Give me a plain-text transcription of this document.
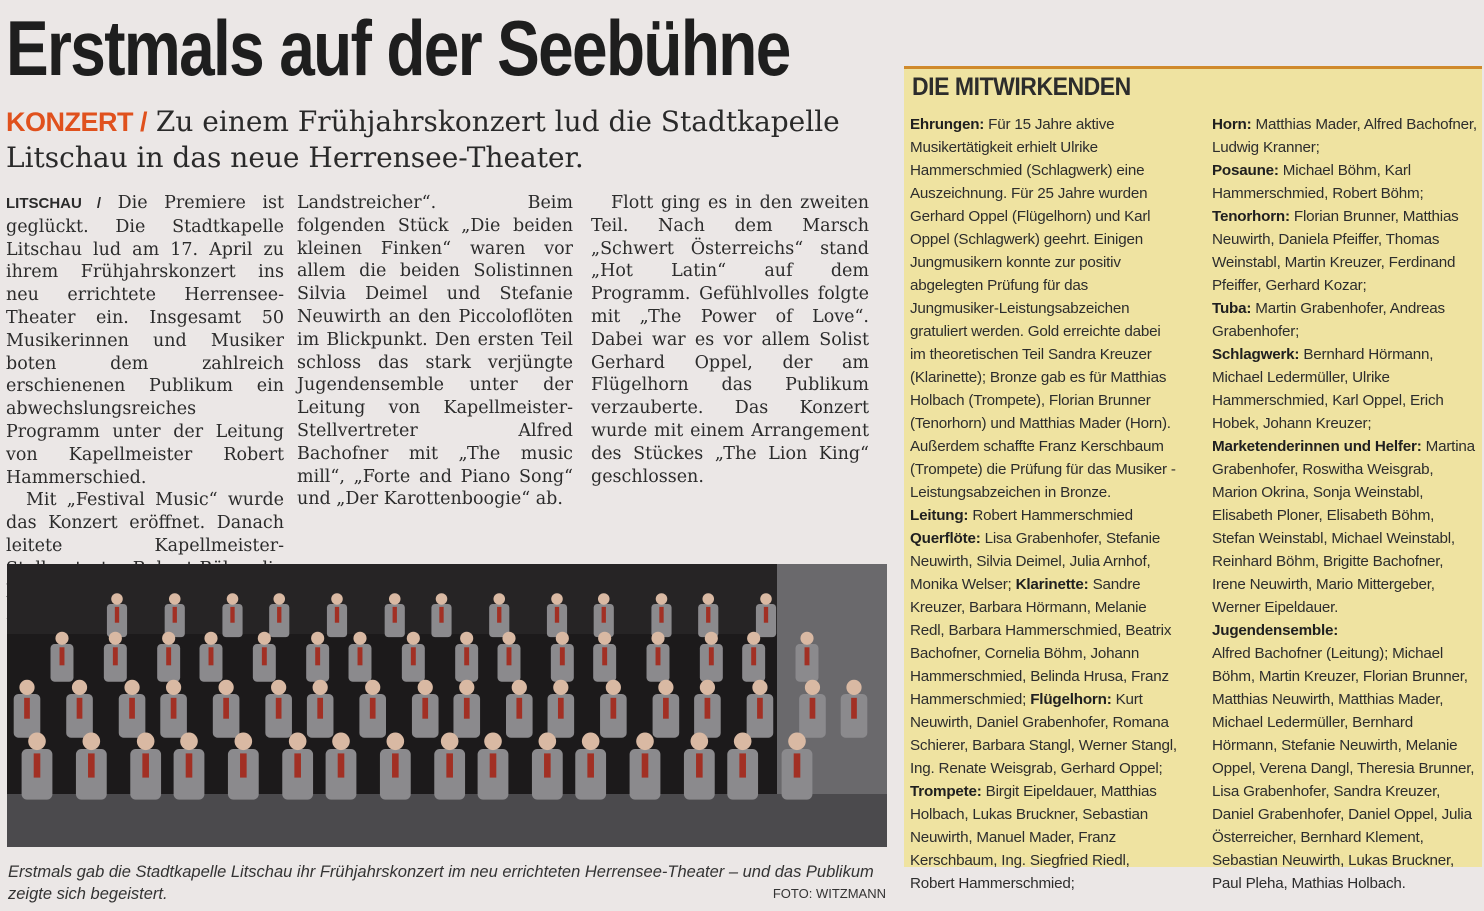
Erstmals auf der Seebühne
KONZERT / Zu einem Frühjahrskonzert lud die Stadtkapelle Litschau in das neue Herrensee-Theater.

LITSCHAU / Die Premiere ist geglückt. Die Stadtkapelle Litschau lud am 17. April zu ihrem Frühjahrskonzert ins neu errichtete Herrensee-Theater ein. Insgesamt 50 Musikerinnen und Musiker boten dem zahlreich erschienenen Publikum ein abwechslungsreiches Programm unter der Leitung von Kapellmeister Robert Hammerschied.

Mit „Festival Music“ wurde das Konzert eröffnet. Danach leitete Kapellmeister-

Landstreicher“. Beim folgenden Stück „Die beiden kleinen Finken“ waren vor allem die beiden Solistinnen Silvia Deimel und Stefanie Neuwirth an den Piccoloflöten im Blickpunkt. Den ersten Teil schloss das stark verjüngte Jugendensemble unter der Leitung von Kapellmeister-Stellvertreter Alfred Bachofner mit „The music mill“, „Forte and Piano Song“ und „Der Karottenboogie“ ab.

Flott ging es in den zweiten Teil. Nach dem Marsch „Schwert Österreichs“ stand „Hot Latin“ auf dem Programm. Gefühlvolles folgte mit „The Power of Love“. Dabei war es vor allem Solist Gerhard Oppel, der am Flügelhorn das Publikum verzauberte. Das Konzert wurde mit einem Arrangement des Stückes „The Lion King“ geschlossen.

Erstmals gab die Stadtkapelle Litschau ihr Frühjahrskonzert im neu errichteten Herrensee-Theater – und das Publikum zeigte sich begeistert.	FOTO: WITZMANN
DIE MITWIRKENDEN

Ehrungen: Für 15 Jahre aktive Musikertätigkeit erhielt Ulrike Hammerschmied (Schlagwerk) eine Auszeichnung. Für 25 Jahre wurden Gerhard Oppel (Flügelhorn) und Karl Oppel (Schlagwerk) geehrt. Einigen Jungmusikern konnte zur positiv abgelegten Prüfung für das Jungmusiker-Leistungsabzeichen gratuliert werden. Gold erreichte dabei im theoretischen Teil Sandra Kreuzer (Klarinette); Bronze gab es für Matthias Holbach (Trompete), Florian Brunner (Tenorhorn) und Matthias Mader (Horn). Außerdem schaffte Franz Kerschbaum (Trompete) die Prüfung für das Musiker -Leistungsabzeichen in Bronze.

Leitung: Robert Hammerschmied

Querflöte: Lisa Grabenhofer, Stefanie Neuwirth, Silvia Deimel, Julia Arnhof, Monika Welser; Klarinette: Sandre Kreuzer, Barbara Hörmann, Melanie Redl, Barbara Hammerschmied, Beatrix Bachofner, Cornelia Böhm, Johann Hammerschmied, Belinda Hrusa, Franz Hammerschmied; Flügelhorn: Kurt Neuwirth, Daniel Grabenhofer, Romana Schierer, Barbara Stangl, Werner Stangl, Ing. Renate Weisgrab, Gerhard Oppel;

Trompete: Birgit Eipeldauer, Matthias Holbach, Lukas Bruckner, Sebastian Neuwirth, Manuel Mader, Franz Kerschbaum, Ing. Siegfried Riedl, Robert Hammerschmied;

Horn: Matthias Mader, Alfred Bachofner, Ludwig Kranner;

Posaune: Michael Böhm, Karl Hammerschmied, Robert Böhm;

Tenorhorn: Florian Brunner, Matthias Neuwirth, Daniela Pfeiffer, Thomas Weinstabl, Martin Kreuzer, Ferdinand Pfeiffer, Gerhard Kozar;

Tuba: Martin Grabenhofer, Andreas Grabenhofer;

Schlagwerk: Bernhard Hörmann, Michael Ledermüller, Ulrike Hammerschmied, Karl Oppel, Erich Hobek, Johann Kreuzer;

Marketenderinnen und Helfer: Martina Grabenhofer, Roswitha Weisgrab, Marion Okrina, Sonja Weinstabl, Elisabeth Ploner, Elisabeth Böhm, Stefan Weinstabl, Michael Weinstabl, Reinhard Böhm, Brigitte Bachofner, Irene Neuwirth, Mario Mittergeber, Werner Eipeldauer.

Jugendensemble:
Alfred Bachofner (Leitung); Michael Böhm, Martin Kreuzer, Florian Brunner, Matthias Neuwirth, Matthias Mader, Michael Ledermüller, Bernhard Hörmann, Stefanie Neuwirth, Melanie Oppel, Verena Dangl, Theresia Brunner, Lisa Grabenhofer, Sandra Kreuzer, Daniel Grabenhofer, Daniel Oppel, Julia Österreicher, Bernhard Klement, Sebastian Neuwirth, Lukas Bruckner, Paul Pleha, Mathias Holbach.
